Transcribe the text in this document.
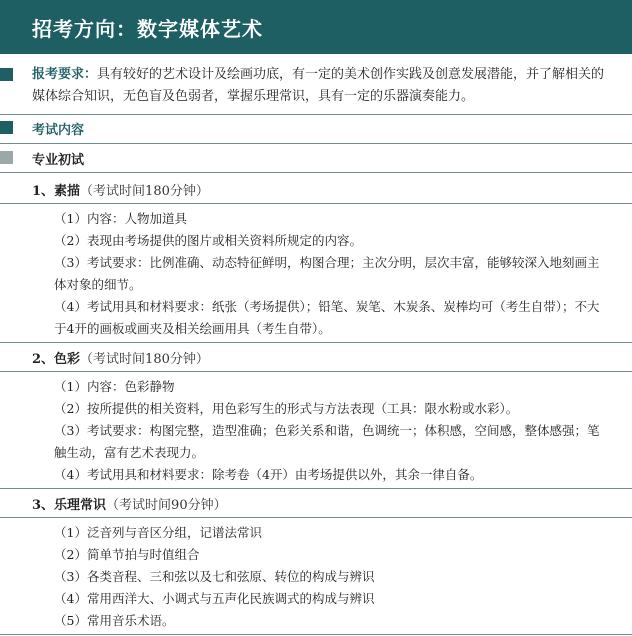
招考方向：数字媒体艺术
报考要求：具有较好的艺术设计及绘画功底，有一定的美术创作实践及创意发展潜能，并了解相关的媒体综合知识，无色盲及色弱者，掌握乐理常识，具有一定的乐器演奏能力。
考试内容
专业初试
1、素描（考试时间180分钟）
（1）内容：人物加道具
（2）表现由考场提供的图片或相关资料所规定的内容。
（3）考试要求：比例准确、动态特征鲜明，构图合理；主次分明，层次丰富，能够较深入地刻画主体对象的细节。
（4）考试用具和材料要求：纸张（考场提供）；铅笔、炭笔、木炭条、炭棒均可（考生自带）；不大于4开的画板或画夹及相关绘画用具（考生自带）。
2、色彩（考试时间180分钟）
（1）内容：色彩静物
（2）按所提供的相关资料，用色彩写生的形式与方法表现（工具：限水粉或水彩）。
（3）考试要求：构图完整，造型准确；色彩关系和谐，色调统一；体积感，空间感，整体感强；笔触生动，富有艺术表现力。
（4）考试用具和材料要求：除考卷（4开）由考场提供以外，其余一律自备。
3、乐理常识（考试时间90分钟）
（1）泛音列与音区分组，记谱法常识
（2）简单节拍与时值组合
（3）各类音程、三和弦以及七和弦原、转位的构成与辨识
（4）常用西洋大、小调式与五声化民族调式的构成与辨识
（5）常用音乐术语。
